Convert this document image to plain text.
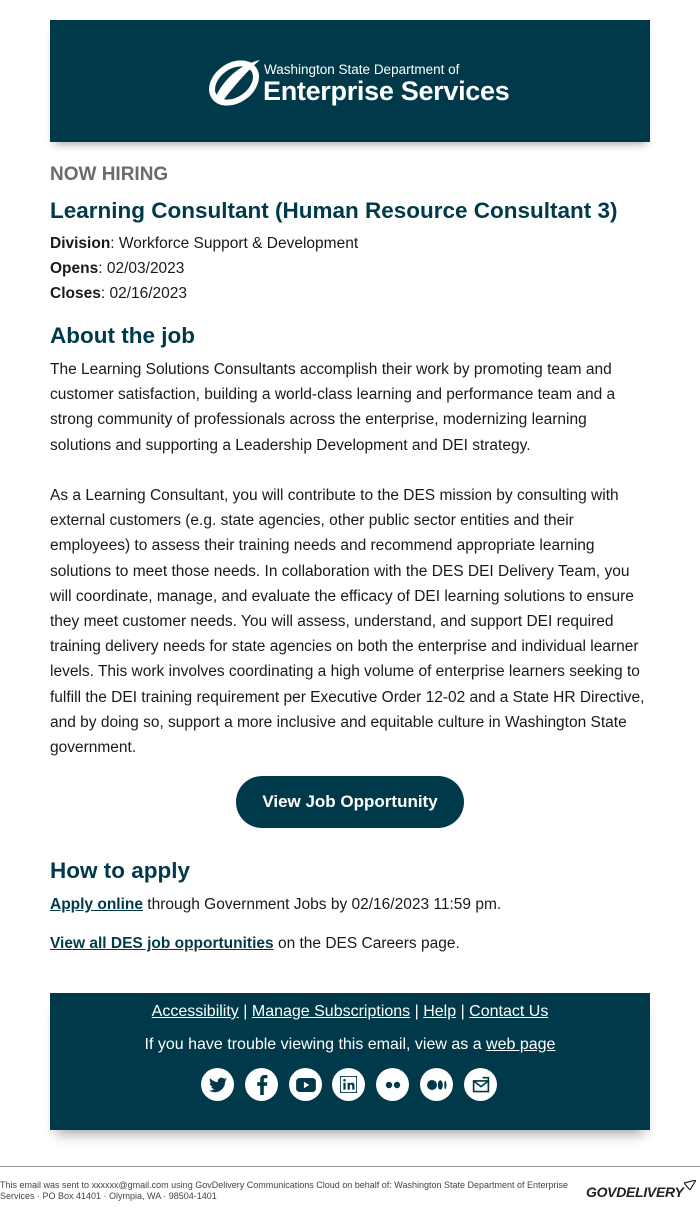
Washington State Department of
Enterprise Services
NOW HIRING
Learning Consultant (Human Resource Consultant 3)
Division: Workforce Support & Development
Opens: 02/03/2023
Closes: 02/16/2023
About the job
The Learning Solutions Consultants accomplish their work by promoting team and customer satisfaction, building a world-class learning and performance team and a strong community of professionals across the enterprise, modernizing learning solutions and supporting a Leadership Development and DEI strategy.
As a Learning Consultant, you will contribute to the DES mission by consulting with external customers (e.g. state agencies, other public sector entities and their employees) to assess their training needs and recommend appropriate learning solutions to meet those needs. In collaboration with the DES DEI Delivery Team, you will coordinate, manage, and evaluate the efficacy of DEI learning solutions to ensure they meet customer needs. You will assess, understand, and support DEI required training delivery needs for state agencies on both the enterprise and individual learner levels. This work involves coordinating a high volume of enterprise learners seeking to fulfill the DEI training requirement per Executive Order 12-02 and a State HR Directive, and by doing so, support a more inclusive and equitable culture in Washington State government.
View Job Opportunity
How to apply
Apply online through Government Jobs by 02/16/2023 11:59 pm.
View all DES job opportunities on the DES Careers page.
Accessibility | Manage Subscriptions | Help | Contact Us
If you have trouble viewing this email, view as a web page
This email was sent to xxxxxx@gmail.com using GovDelivery Communications Cloud on behalf of: Washington State Department of Enterprise Services · PO Box 41401 · Olympia, WA · 98504-1401	GOVDELIVERY
